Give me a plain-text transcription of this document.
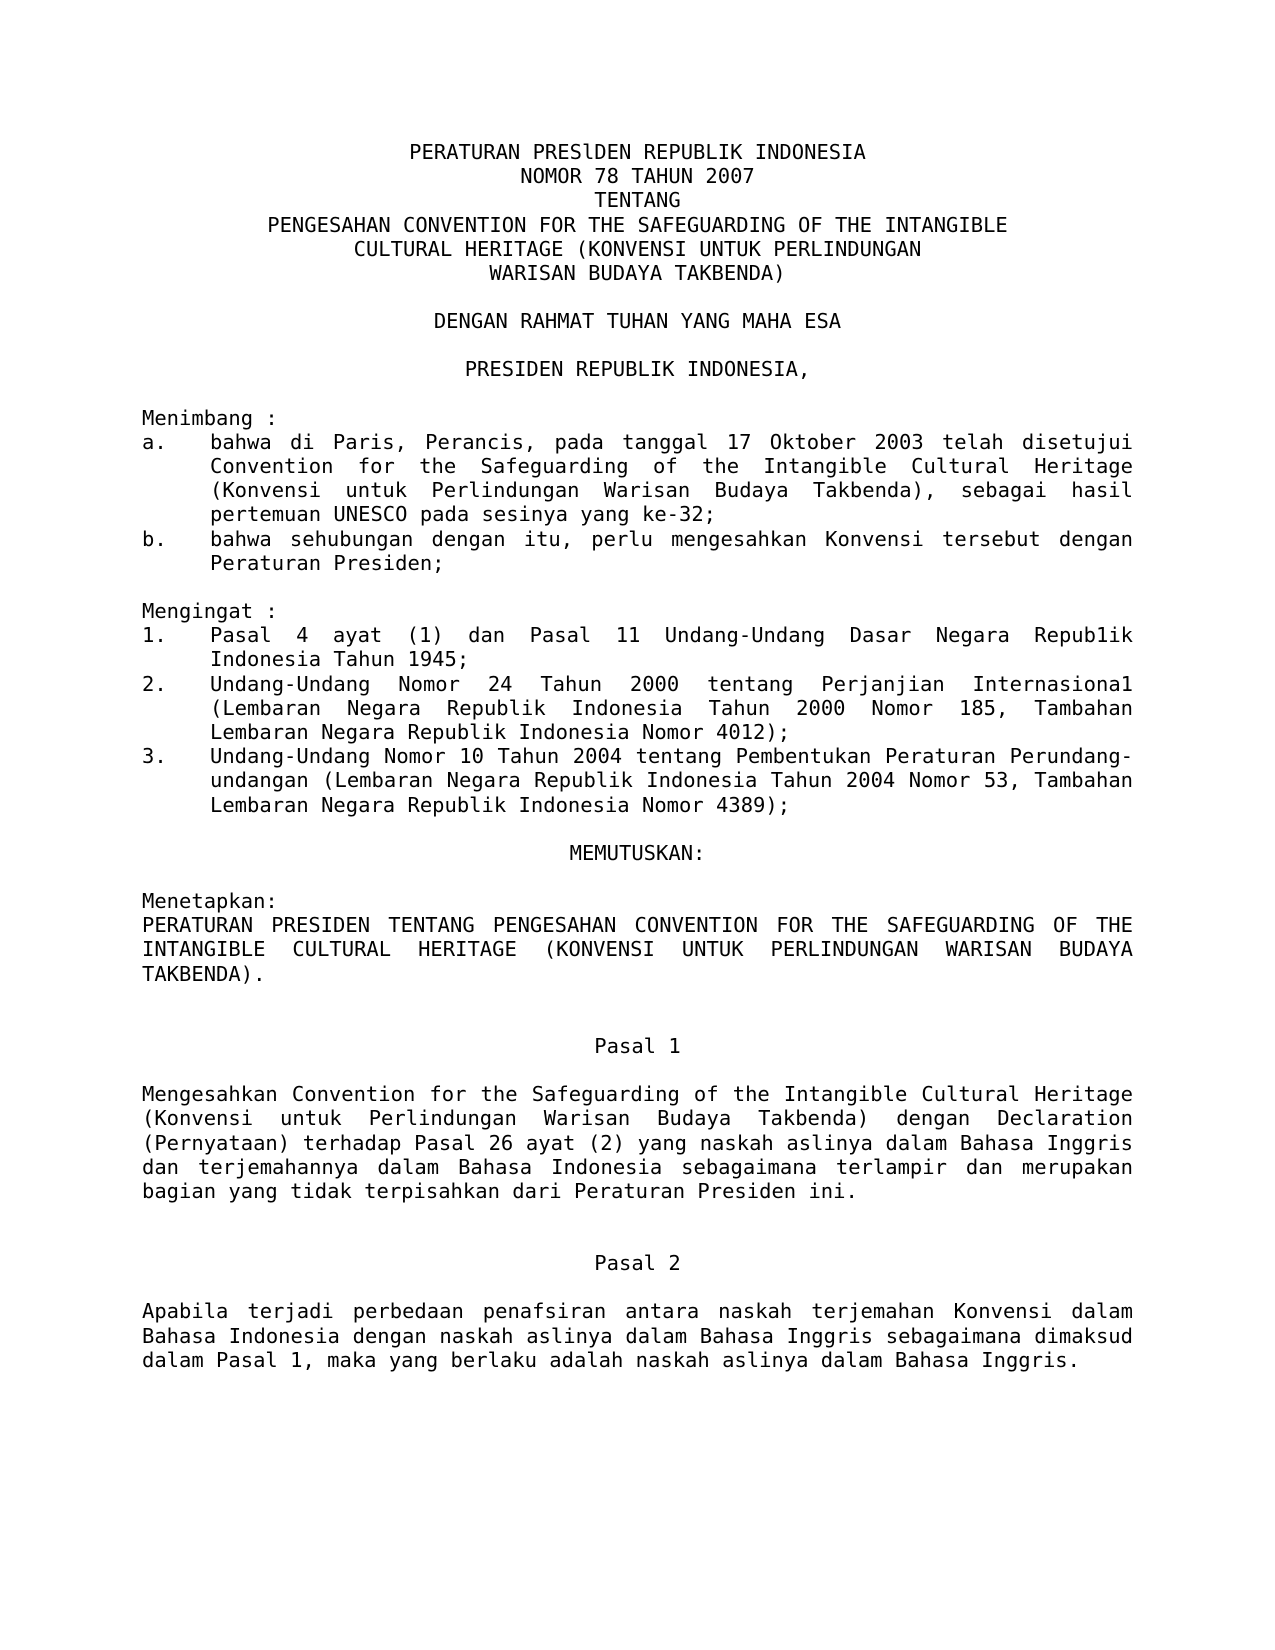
PERATURAN PRESlDEN REPUBLIK INDONESIA
NOMOR 78 TAHUN 2007
TENTANG
PENGESAHAN CONVENTION FOR THE SAFEGUARDING OF THE INTANGIBLE
CULTURAL HERITAGE (KONVENSI UNTUK PERLINDUNGAN
WARISAN BUDAYA TAKBENDA)
DENGAN RAHMAT TUHAN YANG MAHA ESA
PRESIDEN REPUBLIK INDONESIA,
Menimbang :
a.	bahwa di Paris, Perancis, pada tanggal 17 Oktober 2003 telah disetujui Convention for the Safeguarding of the Intangible Cultural Heritage (Konvensi untuk Perlindungan Warisan Budaya Takbenda), sebagai hasil pertemuan UNESCO pada sesinya yang ke-32;
b.	bahwa sehubungan dengan itu, perlu mengesahkan Konvensi tersebut dengan Peraturan Presiden;
Mengingat :
1.	Pasal 4 ayat (1) dan Pasal 11 Undang-Undang Dasar Negara Repub1ik Indonesia Tahun 1945;
2.	Undang-Undang Nomor 24 Tahun 2000 tentang Perjanjian Internasiona1 (Lembaran Negara Republik Indonesia Tahun 2000 Nomor 185, Tambahan Lembaran Negara Republik Indonesia Nomor 4012);
3.	Undang-Undang Nomor 10 Tahun 2004 tentang Pembentukan Peraturan Perundang-undangan (Lembaran Negara Republik Indonesia Tahun 2004 Nomor 53, Tambahan Lembaran Negara Republik Indonesia Nomor 4389);
MEMUTUSKAN:
Menetapkan:
PERATURAN PRESIDEN TENTANG PENGESAHAN CONVENTION FOR THE SAFEGUARDING OF THE INTANGIBLE CULTURAL HERITAGE (KONVENSI UNTUK PERLINDUNGAN WARISAN BUDAYA TAKBENDA).
Pasal 1
Mengesahkan Convention for the Safeguarding of the Intangible Cultural Heritage (Konvensi untuk Perlindungan Warisan Budaya Takbenda) dengan Declaration (Pernyataan) terhadap Pasal 26 ayat (2) yang naskah aslinya dalam Bahasa Inggris dan terjemahannya dalam Bahasa Indonesia sebagaimana terlampir dan merupakan bagian yang tidak terpisahkan dari Peraturan Presiden ini.
Pasal 2
Apabila terjadi perbedaan penafsiran antara naskah terjemahan Konvensi dalam Bahasa Indonesia dengan naskah aslinya dalam Bahasa Inggris sebagaimana dimaksud dalam Pasal 1, maka yang berlaku adalah naskah aslinya dalam Bahasa Inggris.
